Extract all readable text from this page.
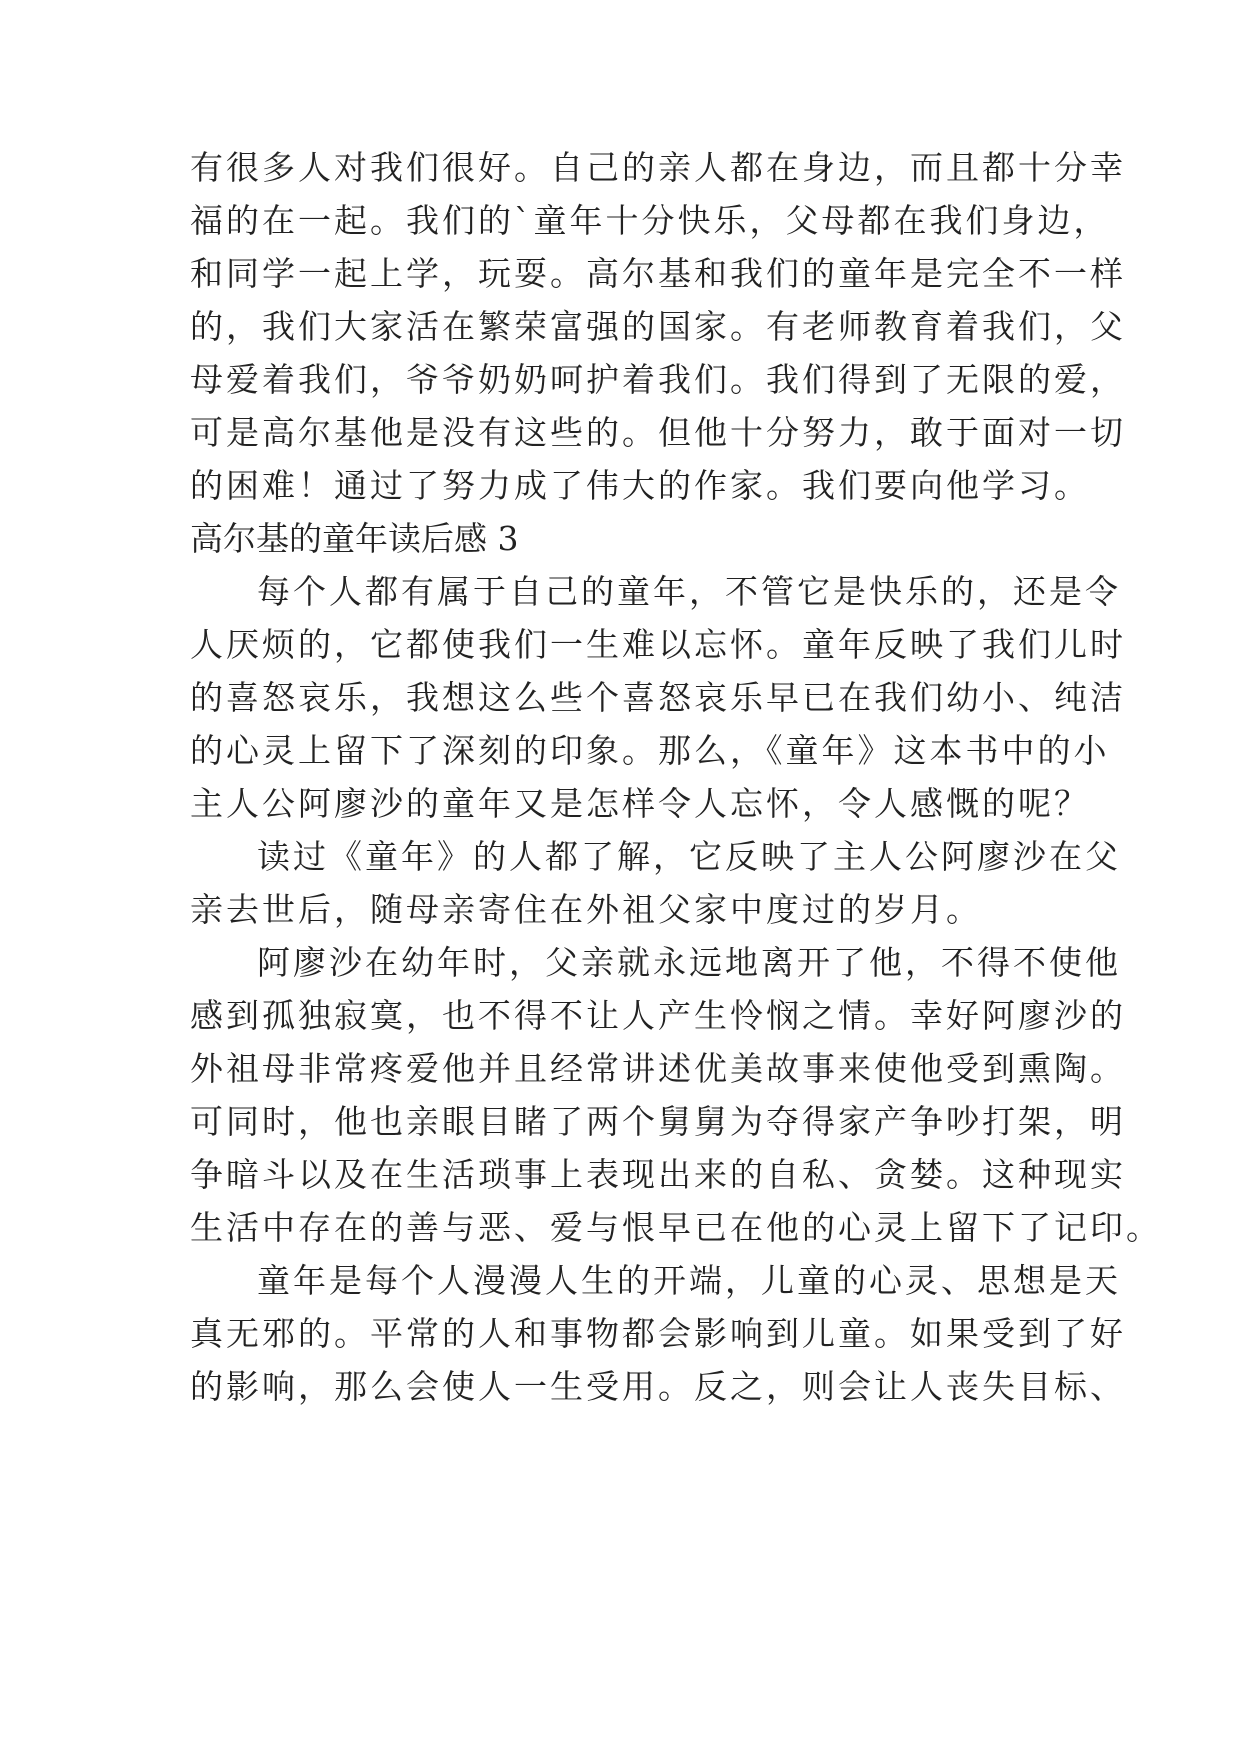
有很多人对我们很好。自己的亲人都在身边，而且都十分幸
福的在一起。我们的`童年十分快乐，父母都在我们身边，
和同学一起上学，玩耍。高尔基和我们的童年是完全不一样
的，我们大家活在繁荣富强的国家。有老师教育着我们，父
母爱着我们，爷爷奶奶呵护着我们。我们得到了无限的爱，
可是高尔基他是没有这些的。但他十分努力，敢于面对一切
的困难！通过了努力成了伟大的作家。我们要向他学习。
高尔基的童年读后感 3
每个人都有属于自己的童年，不管它是快乐的，还是令
人厌烦的，它都使我们一生难以忘怀。童年反映了我们儿时
的喜怒哀乐，我想这么些个喜怒哀乐早已在我们幼小、纯洁
的心灵上留下了深刻的印象。那么，《童年》这本书中的小
主人公阿廖沙的童年又是怎样令人忘怀，令人感慨的呢？
读过《童年》的人都了解，它反映了主人公阿廖沙在父
亲去世后，随母亲寄住在外祖父家中度过的岁月。
阿廖沙在幼年时，父亲就永远地离开了他，不得不使他
感到孤独寂寞，也不得不让人产生怜悯之情。幸好阿廖沙的
外祖母非常疼爱他并且经常讲述优美故事来使他受到熏陶。
可同时，他也亲眼目睹了两个舅舅为夺得家产争吵打架，明
争暗斗以及在生活琐事上表现出来的自私、贪婪。这种现实
生活中存在的善与恶、爱与恨早已在他的心灵上留下了记印。
童年是每个人漫漫人生的开端，儿童的心灵、思想是天
真无邪的。平常的人和事物都会影响到儿童。如果受到了好
的影响，那么会使人一生受用。反之，则会让人丧失目标、
